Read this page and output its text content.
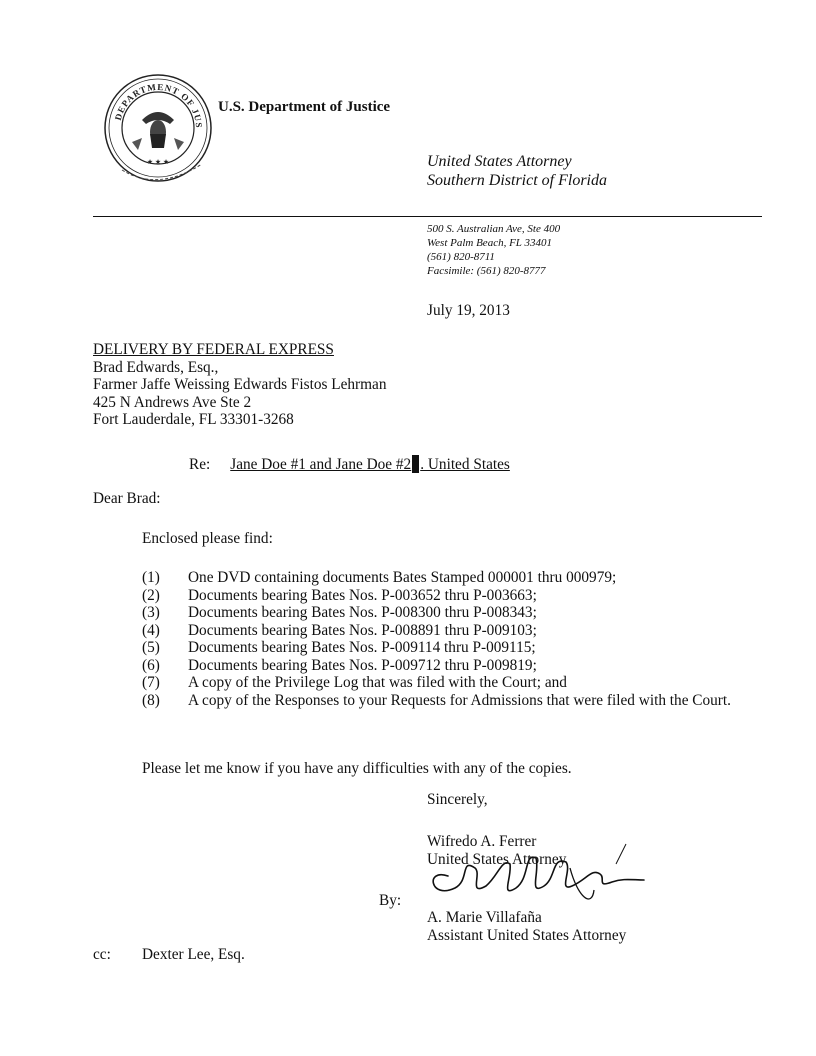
DEPARTMENT OF JUS
★ ★ ★
U.S. Department of Justice
United States Attorney
Southern District of Florida
500 S. Australian Ave, Ste 400
West Palm Beach, FL 33401
(561) 820-8711
Facsimile: (561) 820-8777
July 19, 2013
DELIVERY BY FEDERAL EXPRESS
Brad Edwards, Esq.,
Farmer Jaffe Weissing Edwards Fistos Lehrman
425 N Andrews Ave Ste 2
Fort Lauderdale, FL 33301-3268
Re: Jane Doe #1 and Jane Doe #2 . United States
Dear Brad:
Enclosed please find:
(1)	One DVD containing documents Bates Stamped 000001 thru 000979;
(2)	Documents bearing Bates Nos. P-003652 thru P-003663;
(3)	Documents bearing Bates Nos. P-008300 thru P-008343;
(4)	Documents bearing Bates Nos. P-008891 thru P-009103;
(5)	Documents bearing Bates Nos. P-009114 thru P-009115;
(6)	Documents bearing Bates Nos. P-009712 thru P-009819;
(7)	A copy of the Privilege Log that was filed with the Court; and
(8)	A copy of the Responses to your Requests for Admissions that were filed with the Court.
Please let me know if you have any difficulties with any of the copies.
Sincerely,
Wifredo A. Ferrer
United States Attorney
By:
A. Marie Villafaña
Assistant United States Attorney
cc: Dexter Lee, Esq.
